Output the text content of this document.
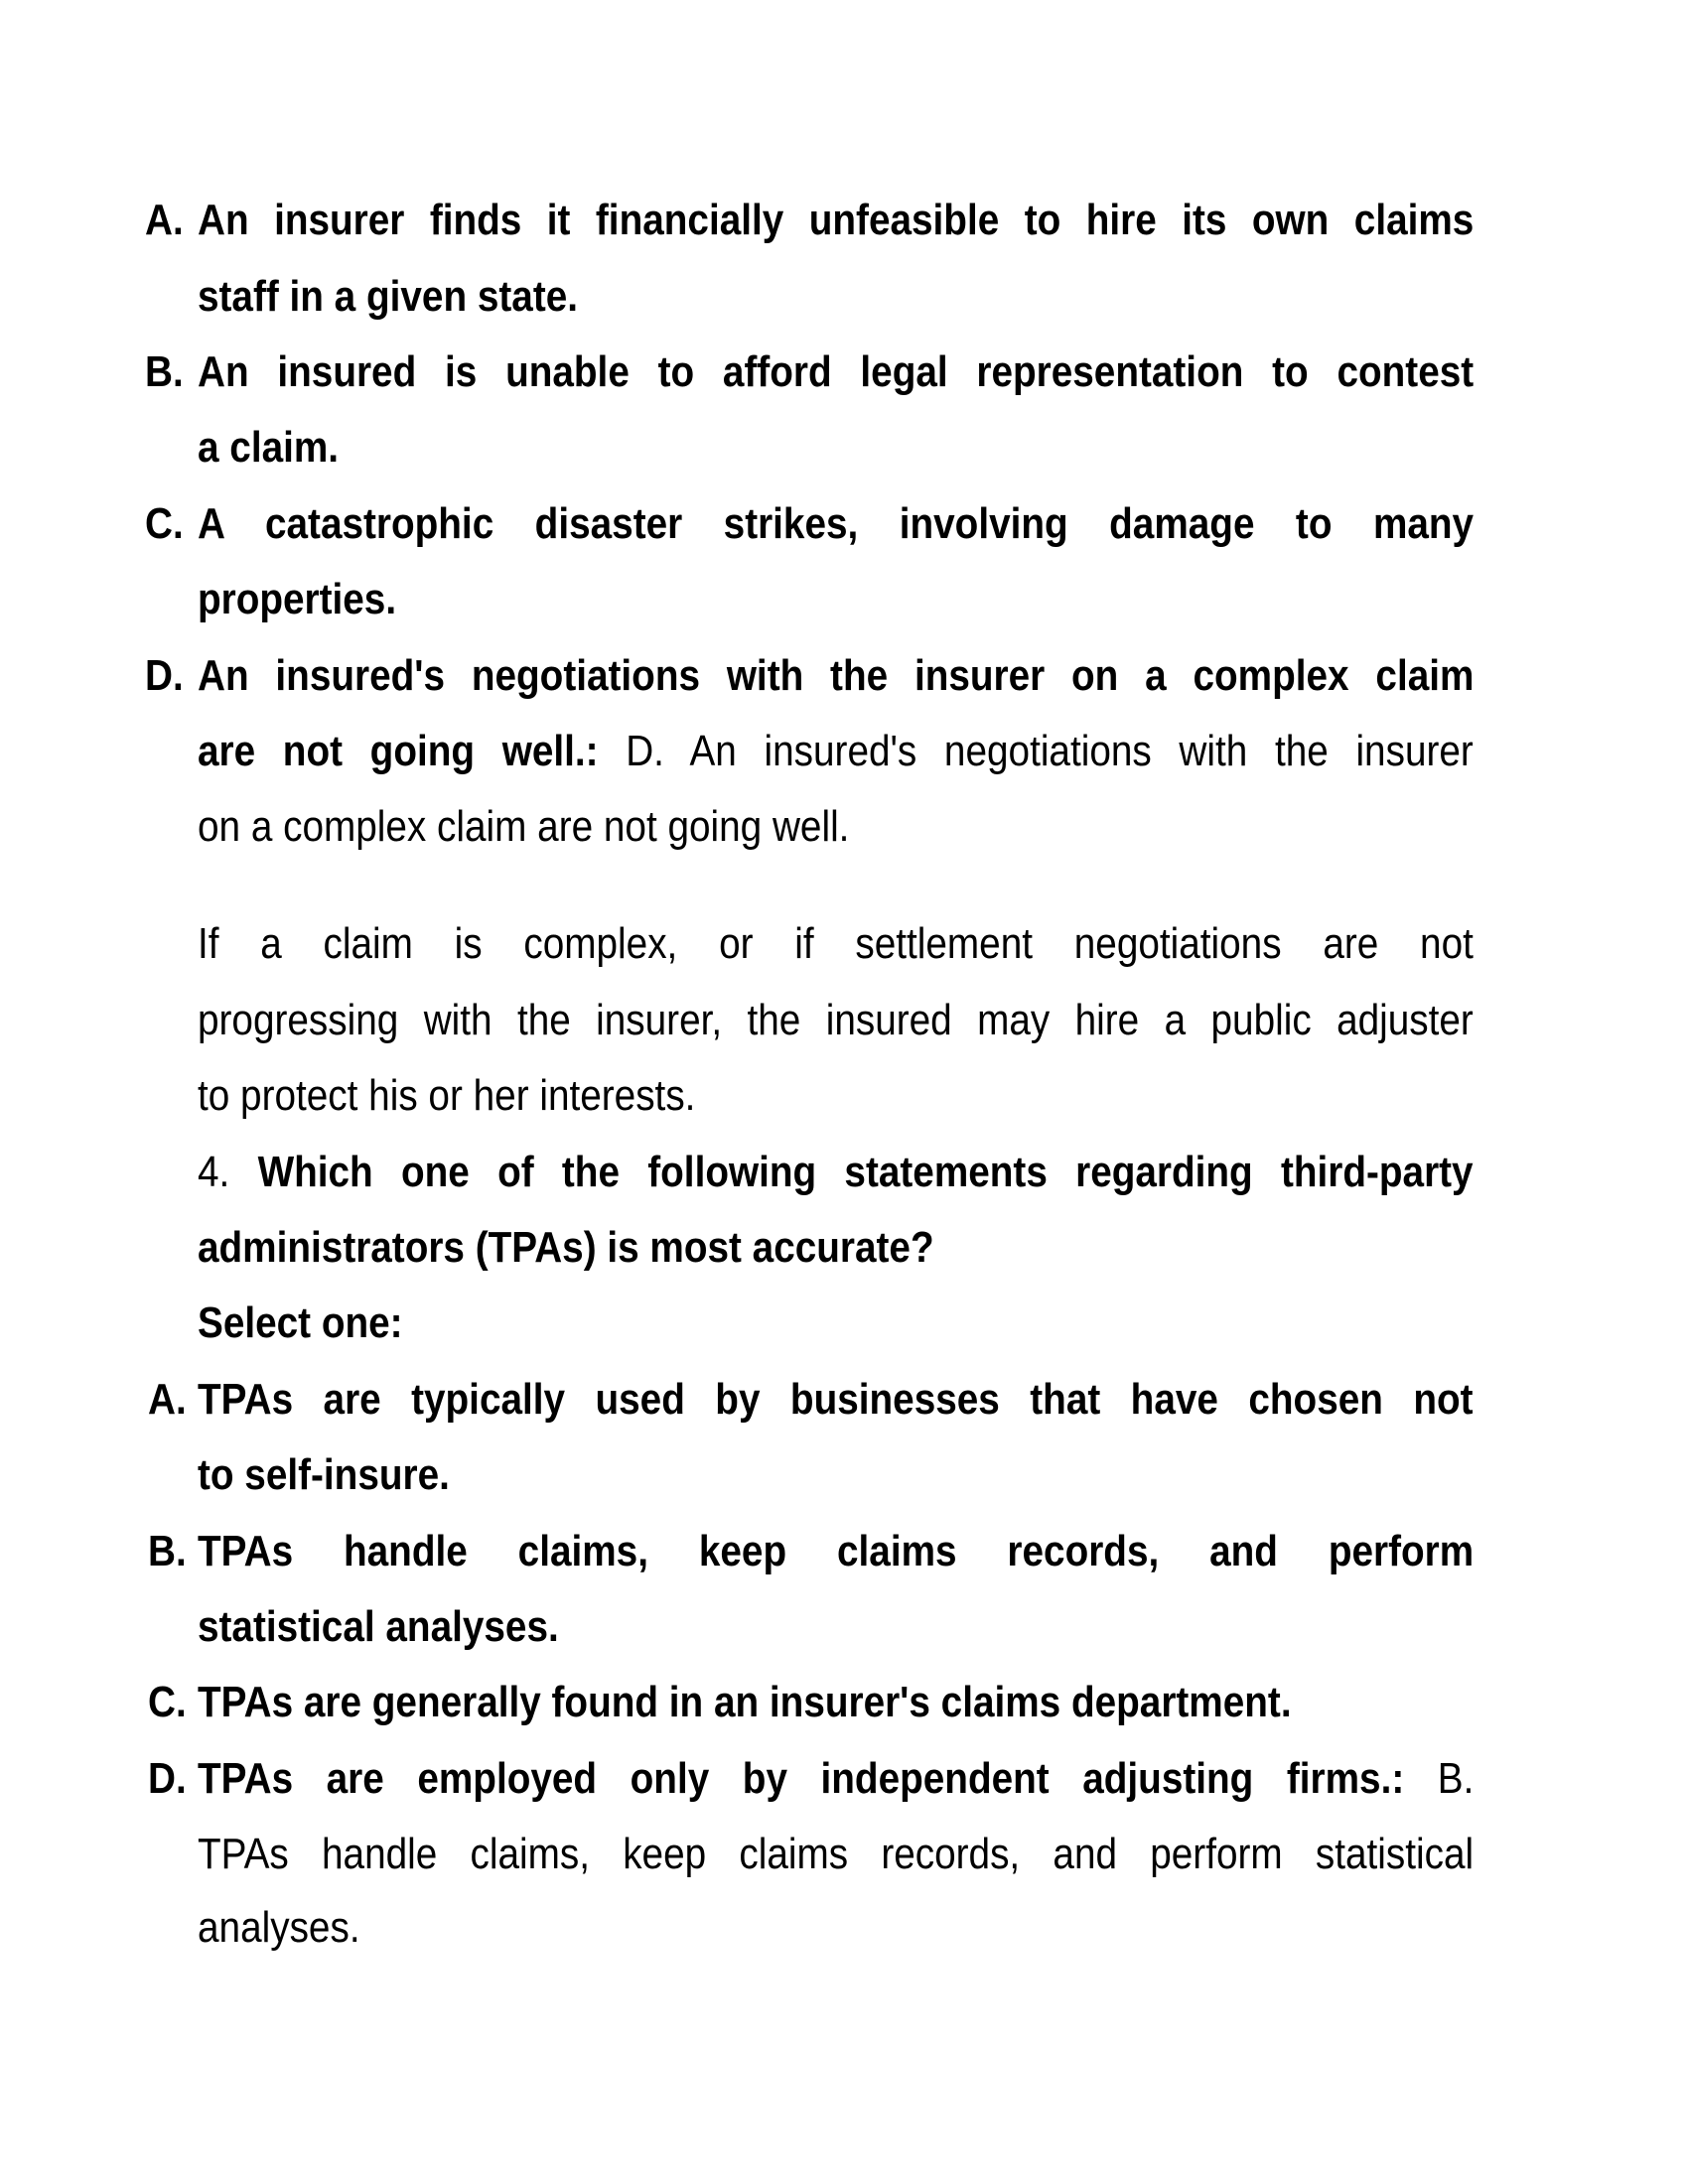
A. An insurer finds it financially unfeasible to hire its own claims
staff in a given state.
B. An insured is unable to afford legal representation to contest
a claim.
C. A catastrophic disaster strikes, involving damage to many
properties.
D. An insured's negotiations with the insurer on a complex claim
are not going well.: D. An insured's negotiations with the insurer
on a complex claim are not going well.
If a claim is complex, or if settlement negotiations are not
progressing with the insurer, the insured may hire a public adjuster
to protect his or her interests.
4. Which one of the following statements regarding third-party
administrators (TPAs) is most accurate?
Select one:
A. TPAs are typically used by businesses that have chosen not
to self-insure.
B. TPAs handle claims, keep claims records, and perform
statistical analyses.
C. TPAs are generally found in an insurer's claims department.
D. TPAs are employed only by independent adjusting firms.: B.
TPAs handle claims, keep claims records, and perform statistical
analyses.
